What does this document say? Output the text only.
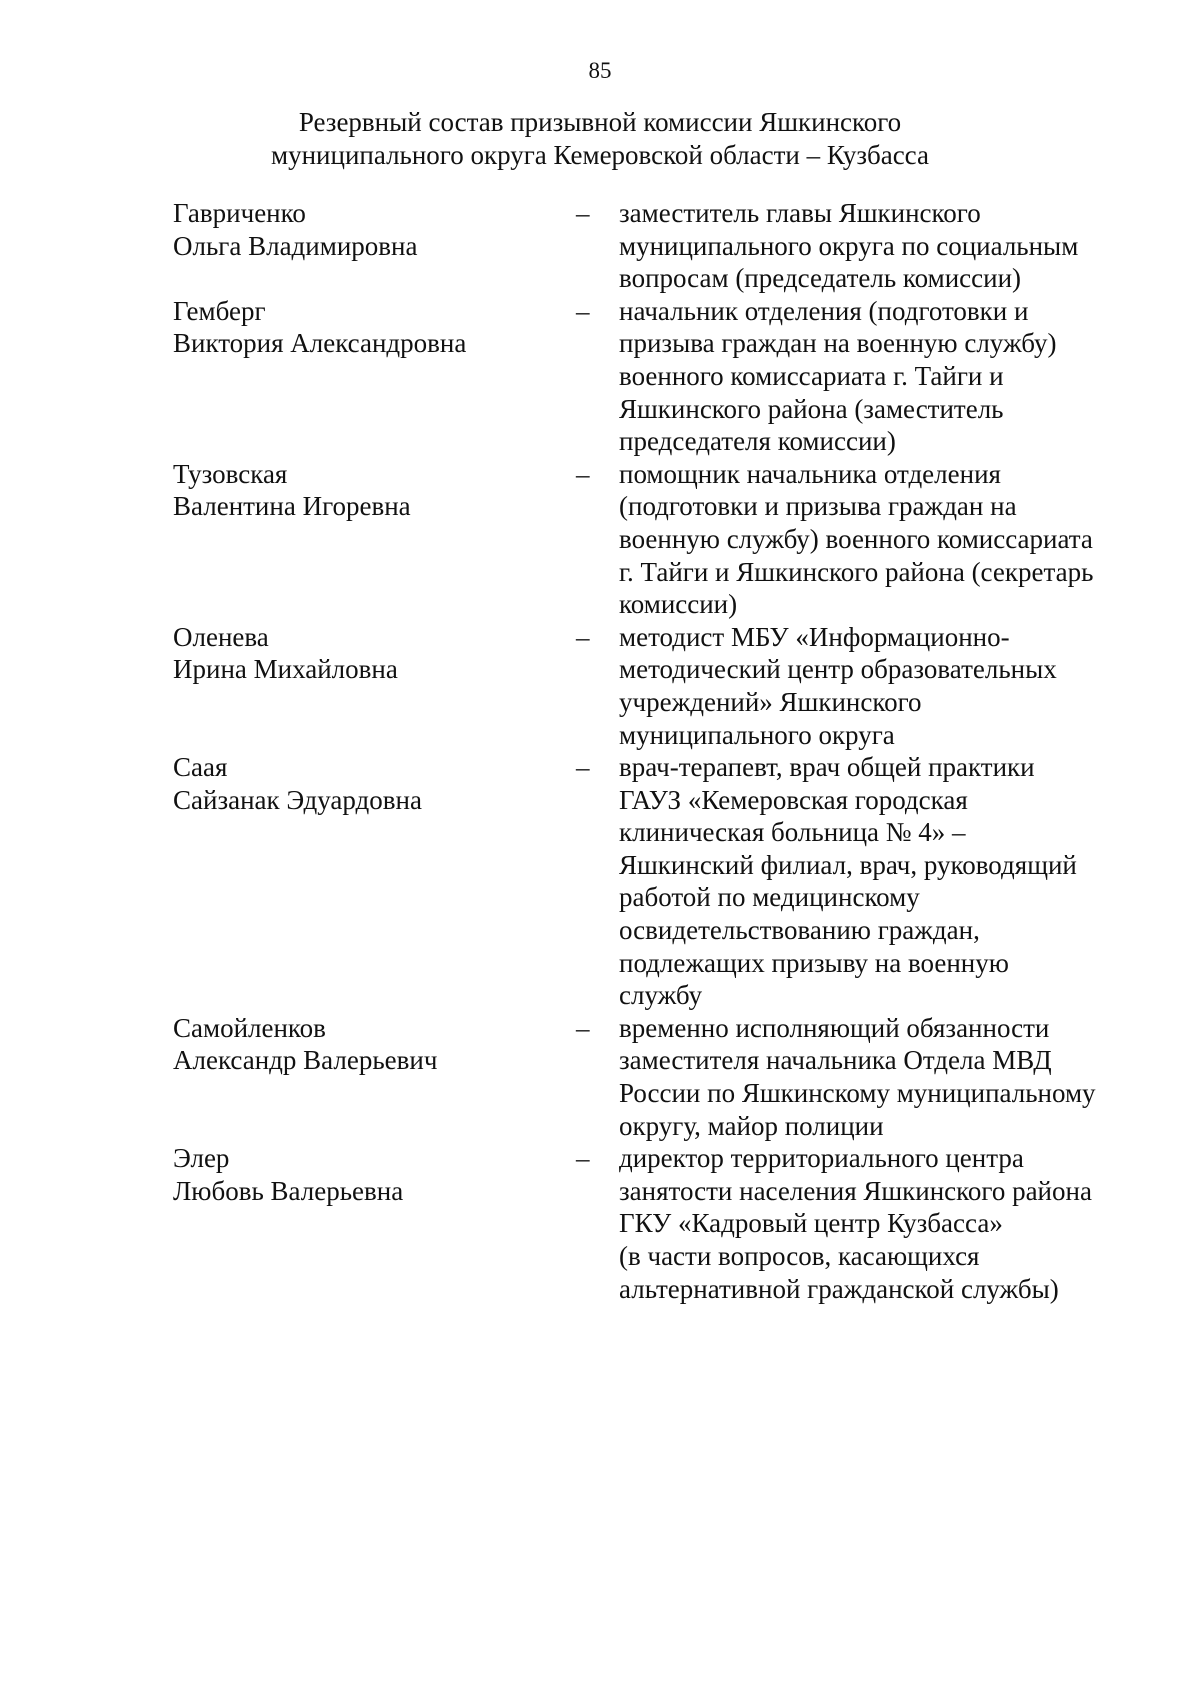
85
Резервный состав призывной комиссии Яшкинского
муниципального округа Кемеровской области – Кузбасса
Гавриченко
Ольга Владимировна
– заместитель главы Яшкинского
муниципального округа по социальным
вопросам (председатель комиссии)
Гемберг
Виктория Александровна
– начальник отделения (подготовки и
призыва граждан на военную службу)
военного комиссариата г. Тайги и
Яшкинского района (заместитель
председателя комиссии)
Тузовская
Валентина Игоревна
– помощник начальника отделения
(подготовки и призыва граждан на
военную службу) военного комиссариата
г. Тайги и Яшкинского района (секретарь
комиссии)
Оленева
Ирина Михайловна
– методист МБУ «Информационно-
методический центр образовательных
учреждений» Яшкинского
муниципального округа
Саая
Сайзанак Эдуардовна
– врач-терапевт, врач общей практики
ГАУЗ «Кемеровская городская
клиническая больница № 4» –
Яшкинский филиал, врач, руководящий
работой по медицинскому
освидетельствованию граждан,
подлежащих призыву на военную
службу
Самойленков
Александр Валерьевич
– временно исполняющий обязанности
заместителя начальника Отдела МВД
России по Яшкинскому муниципальному
округу, майор полиции
Элер
Любовь Валерьевна
– директор территориального центра
занятости населения Яшкинского района
ГКУ «Кадровый центр Кузбасса»
(в части вопросов, касающихся
альтернативной гражданской службы)
